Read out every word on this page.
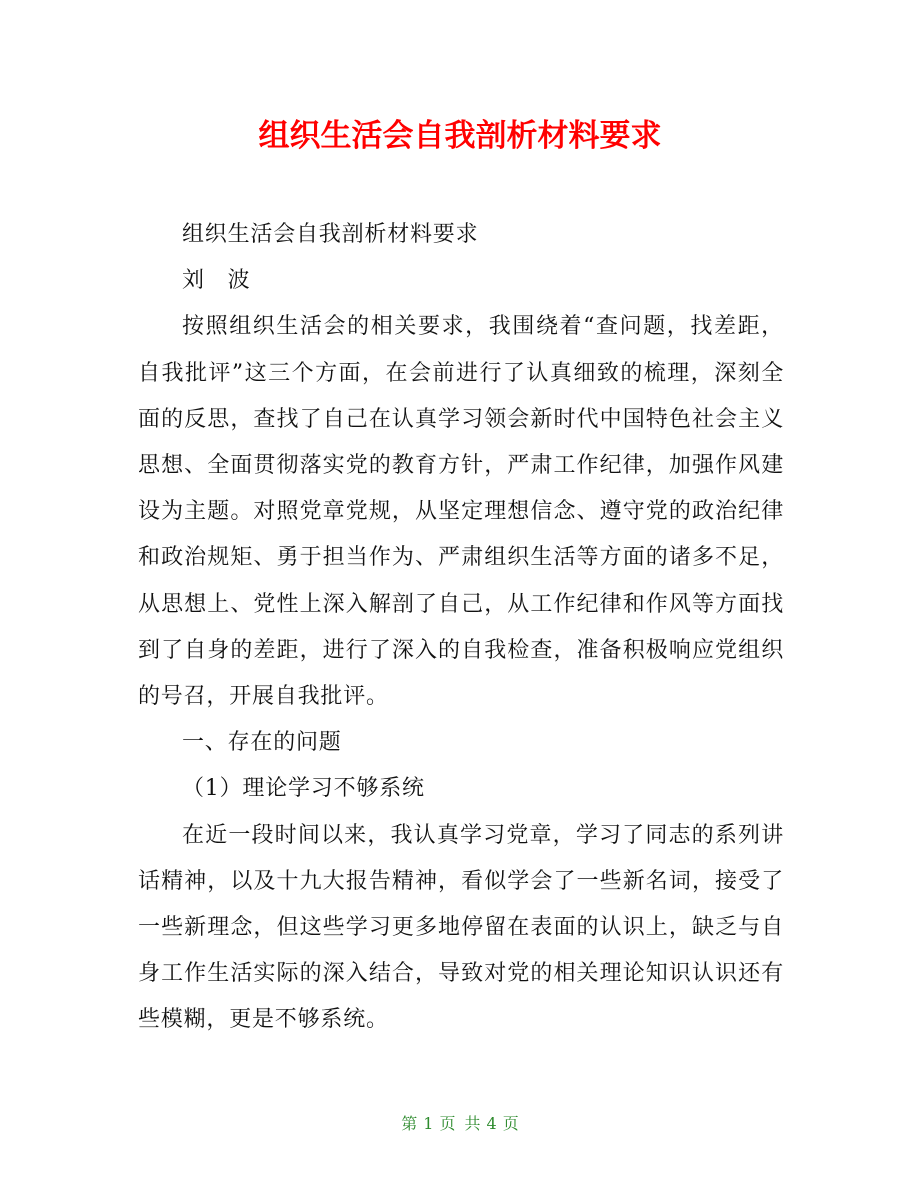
组织生活会自我剖析材料要求

组织生活会自我剖析材料要求

刘　波

按照组织生活会的相关要求，我围绕着“查问题，找差距，自我批评”这三个方面，在会前进行了认真细致的梳理，深刻全面的反思，查找了自己在认真学习领会新时代中国特色社会主义思想、全面贯彻落实党的教育方针，严肃工作纪律，加强作风建设为主题。对照党章党规，从坚定理想信念、遵守党的政治纪律和政治规矩、勇于担当作为、严肃组织生活等方面的诸多不足，从思想上、党性上深入解剖了自己，从工作纪律和作风等方面找到了自身的差距，进行了深入的自我检查，准备积极响应党组织的号召，开展自我批评。

一、存在的问题

（1）理论学习不够系统

在近一段时间以来，我认真学习党章，学习了同志的系列讲话精神，以及十九大报告精神，看似学会了一些新名词，接受了一些新理念，但这些学习更多地停留在表面的认识上，缺乏与自身工作生活实际的深入结合，导致对党的相关理论知识认识还有些模糊，更是不够系统。

第 1 页 共 4 页
